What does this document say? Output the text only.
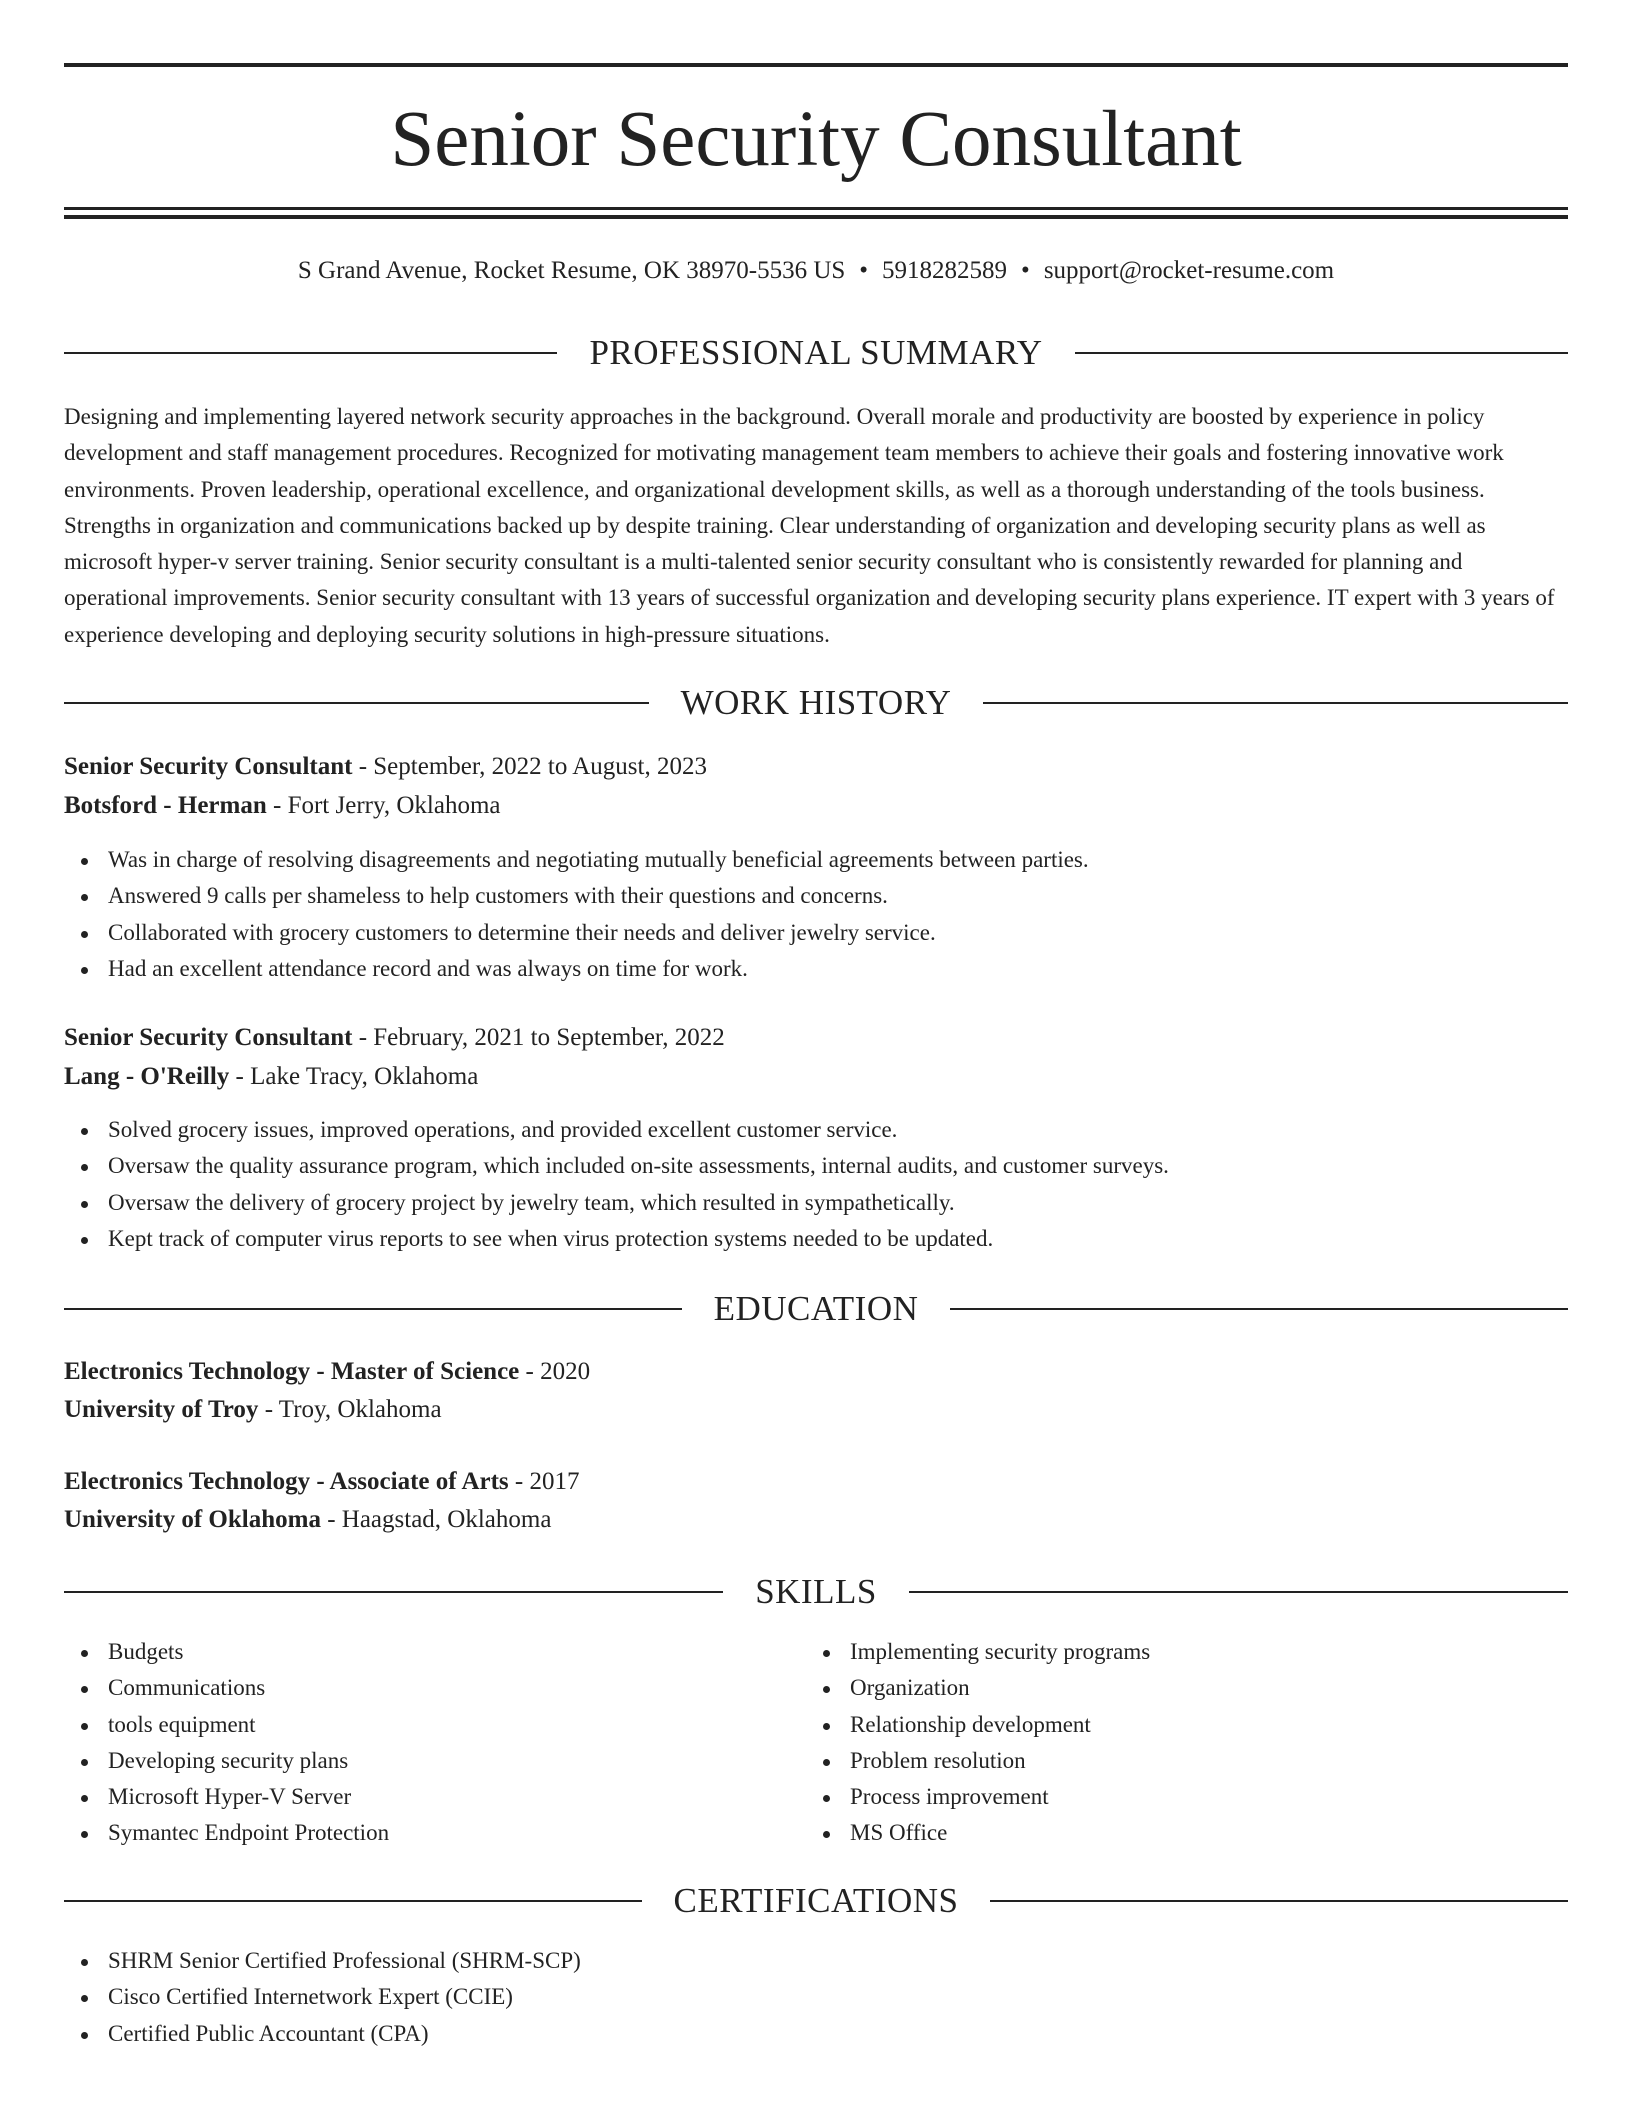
Senior Security Consultant
S Grand Avenue, Rocket Resume, OK 38970-5536 US • 5918282589 • support@rocket-resume.com
PROFESSIONAL SUMMARY

Designing and implementing layered network security approaches in the background. Overall morale and productivity are boosted by experience in policy development and staff management procedures. Recognized for motivating management team members to achieve their goals and fostering innovative work environments. Proven leadership, operational excellence, and organizational development skills, as well as a thorough understanding of the tools business. Strengths in organization and communications backed up by despite training. Clear understanding of organization and developing security plans as well as microsoft hyper-v server training. Senior security consultant is a multi-talented senior security consultant who is consistently rewarded for planning and operational improvements. Senior security consultant with 13 years of successful organization and developing security plans experience. IT expert with 3 years of experience developing and deploying security solutions in high-pressure situations.

WORK HISTORY
Senior Security Consultant - September, 2022 to August, 2023
Botsford - Herman - Fort Jerry, Oklahoma
Was in charge of resolving disagreements and negotiating mutually beneficial agreements between parties.
Answered 9 calls per shameless to help customers with their questions and concerns.
Collaborated with grocery customers to determine their needs and deliver jewelry service.
Had an excellent attendance record and was always on time for work.
Senior Security Consultant - February, 2021 to September, 2022
Lang - O'Reilly - Lake Tracy, Oklahoma
Solved grocery issues, improved operations, and provided excellent customer service.
Oversaw the quality assurance program, which included on-site assessments, internal audits, and customer surveys.
Oversaw the delivery of grocery project by jewelry team, which resulted in sympathetically.
Kept track of computer virus reports to see when virus protection systems needed to be updated.
EDUCATION
Electronics Technology - Master of Science - 2020
University of Troy - Troy, Oklahoma
Electronics Technology - Associate of Arts - 2017
University of Oklahoma - Haagstad, Oklahoma
SKILLS
Budgets
Communications
tools equipment
Developing security plans
Microsoft Hyper-V Server
Symantec Endpoint Protection
Implementing security programs
Organization
Relationship development
Problem resolution
Process improvement
MS Office
CERTIFICATIONS
SHRM Senior Certified Professional (SHRM-SCP)
Cisco Certified Internetwork Expert (CCIE)
Certified Public Accountant (CPA)
